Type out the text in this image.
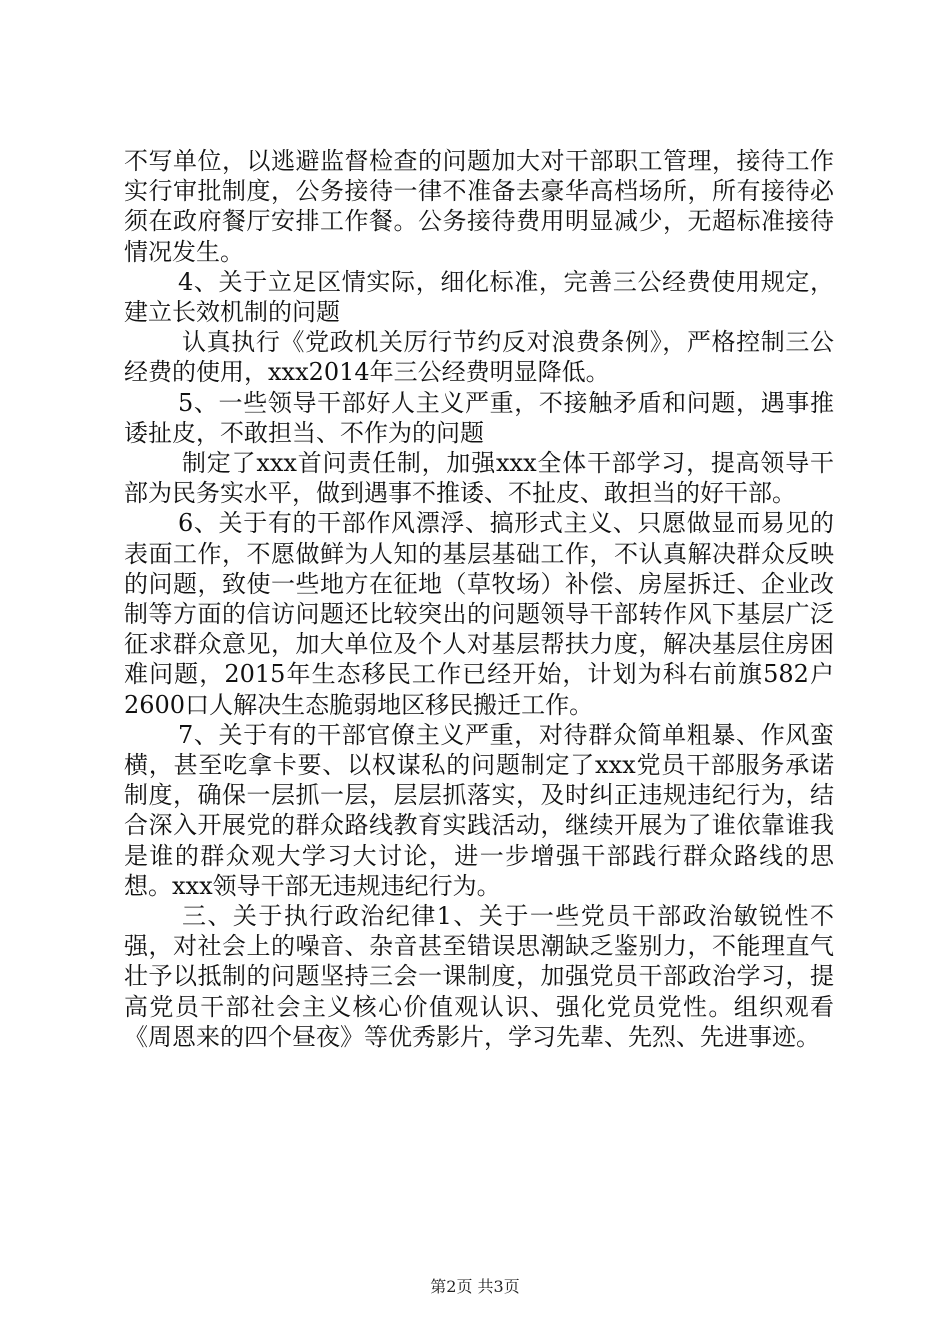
不写单位，以逃避监督检查的问题加大对干部职工管理，接待工作实行审批制度，公务接待一律不准备去豪华高档场所，所有接待必须在政府餐厅安排工作餐。公务接待费用明显减少，无超标准接待情况发生。

4、关于立足区情实际，细化标准，完善三公经费使用规定，建立长效机制的问题

认真执行《党政机关厉行节约反对浪费条例》，严格控制三公经费的使用，xxx2014年三公经费明显降低。

5、一些领导干部好人主义严重，不接触矛盾和问题，遇事推诿扯皮，不敢担当、不作为的问题

制定了xxx首问责任制，加强xxx全体干部学习，提高领导干部为民务实水平，做到遇事不推诿、不扯皮、敢担当的好干部。

6、关于有的干部作风漂浮、搞形式主义、只愿做显而易见的表面工作，不愿做鲜为人知的基层基础工作，不认真解决群众反映的问题，致使一些地方在征地（草牧场）补偿、房屋拆迁、企业改制等方面的信访问题还比较突出的问题领导干部转作风下基层广泛征求群众意见，加大单位及个人对基层帮扶力度，解决基层住房困难问题，2015年生态移民工作已经开始，计划为科右前旗582户2600口人解决生态脆弱地区移民搬迁工作。

7、关于有的干部官僚主义严重，对待群众简单粗暴、作风蛮横，甚至吃拿卡要、以权谋私的问题制定了xxx党员干部服务承诺制度，确保一层抓一层，层层抓落实，及时纠正违规违纪行为，结合深入开展党的群众路线教育实践活动，继续开展为了谁依靠谁我是谁的群众观大学习大讨论，进一步增强干部践行群众路线的思想。xxx领导干部无违规违纪行为。

三、关于执行政治纪律1、关于一些党员干部政治敏锐性不强，对社会上的噪音、杂音甚至错误思潮缺乏鉴别力，不能理直气壮予以抵制的问题坚持三会一课制度，加强党员干部政治学习，提高党员干部社会主义核心价值观认识、强化党员党性。组织观看《周恩来的四个昼夜》等优秀影片，学习先辈、先烈、先进事迹。

第2页 共3页
